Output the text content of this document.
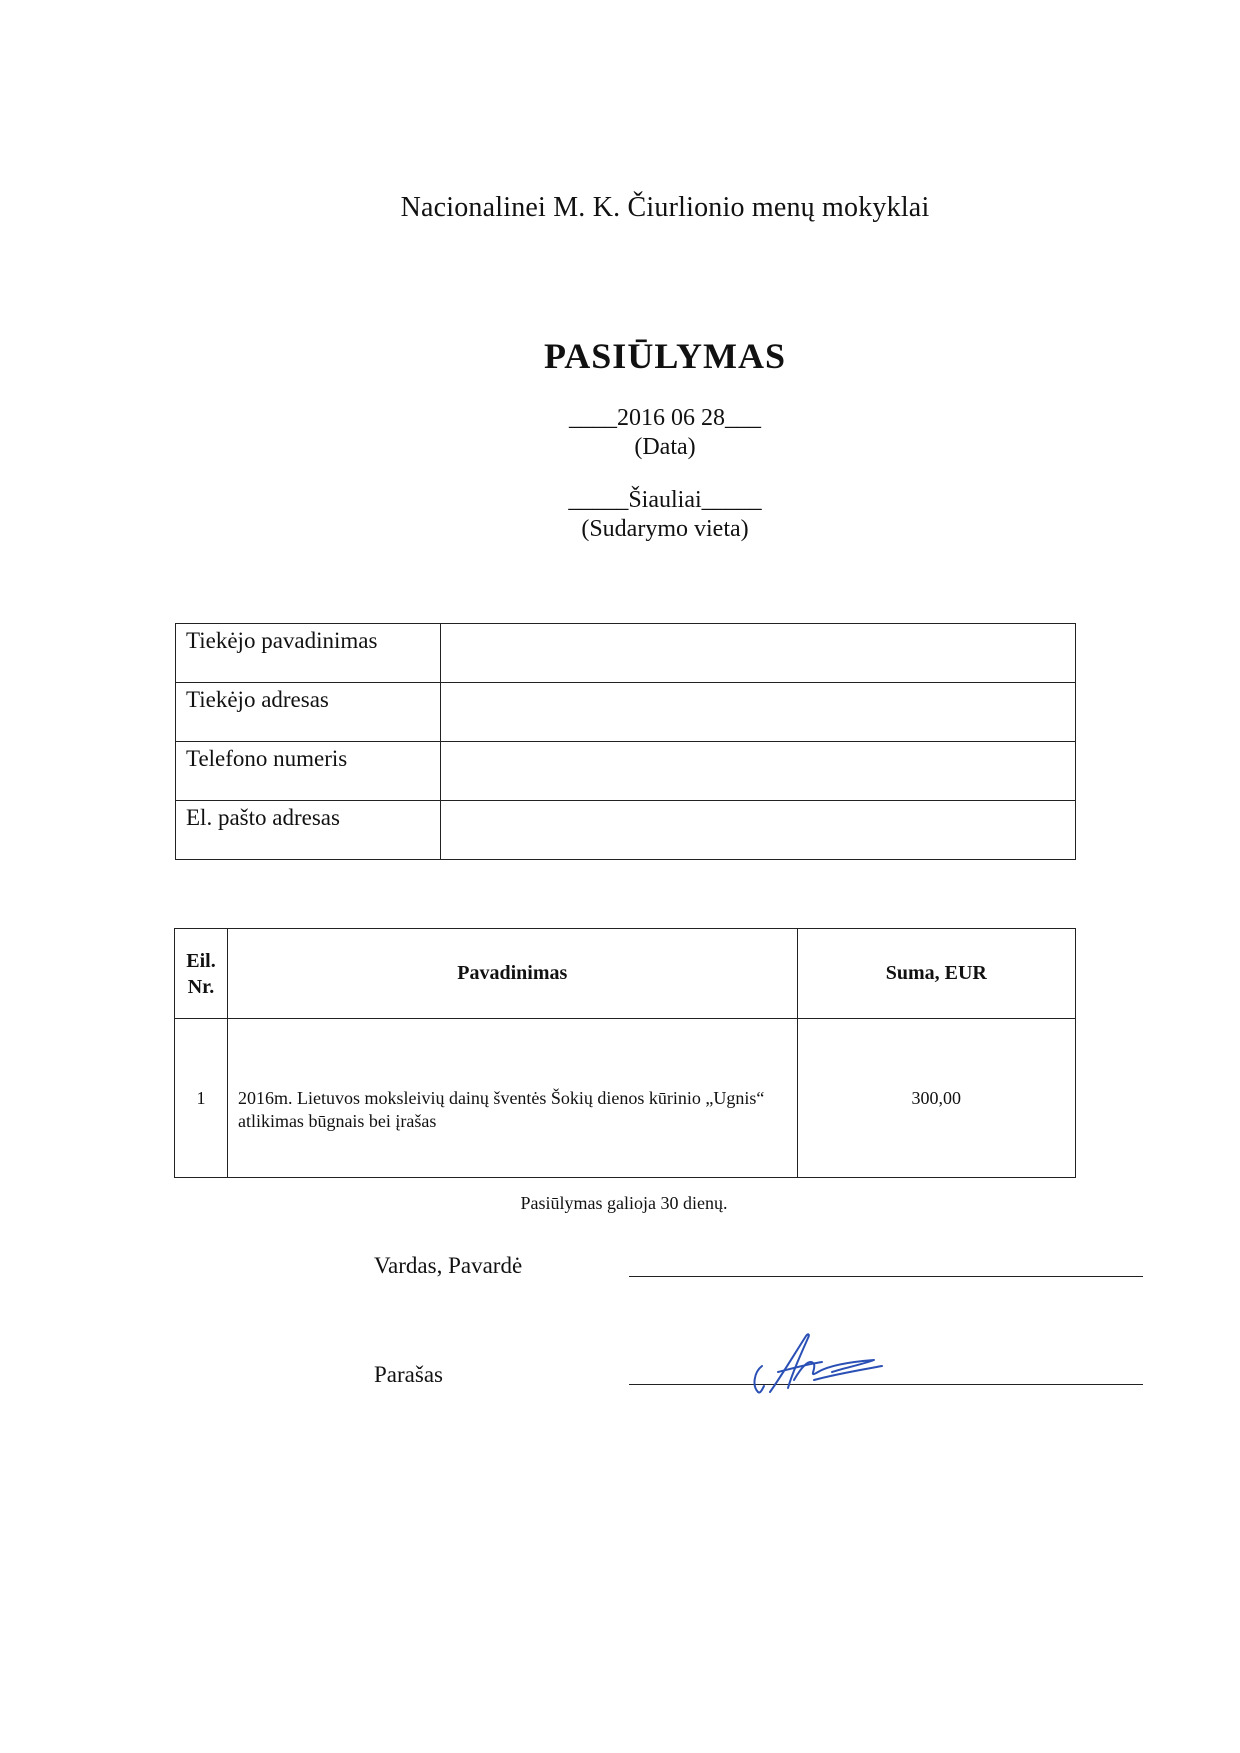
Nacionalinei M. K. Čiurlionio menų mokyklai
PASIŪLYMAS
____2016 06 28___
(Data)
_____Šiauliai_____
(Sudarymo vieta)
Tiekėjo pavadinimas	
Tiekėjo adresas	
Telefono numeris	
El. pašto adresas	
Eil.
Nr.	Pavadinimas	Suma, EUR

1	2016m. Lietuvos moksleivių dainų šventės Šokių dienos kūrinio „Ugnis“ atlikimas būgnais bei įrašas	300,00
Pasiūlymas galioja 30 dienų.
Vardas, Pavardė
Parašas
